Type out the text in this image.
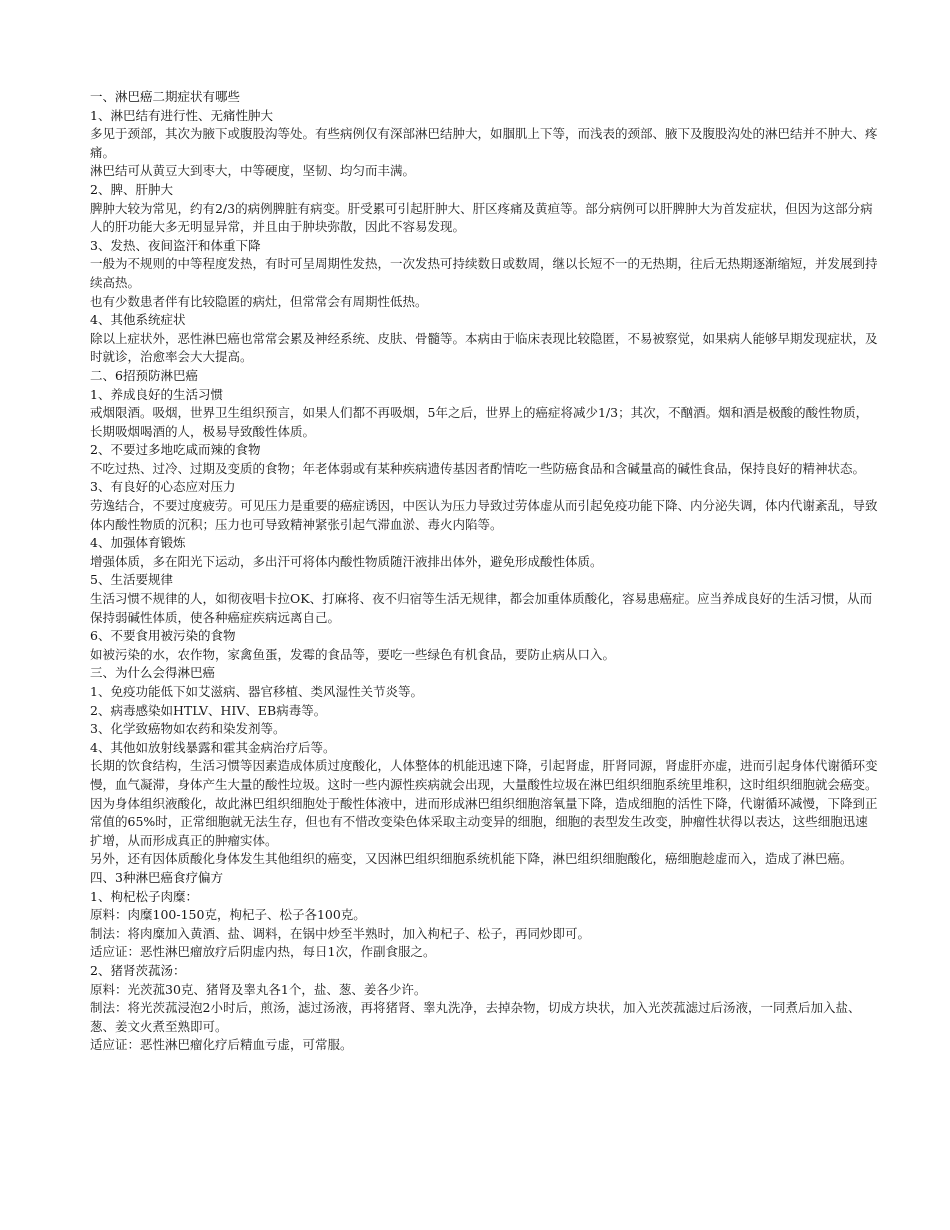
一、淋巴癌二期症状有哪些

1、淋巴结有进行性、无痛性肿大

多见于颈部，其次为腋下或腹股沟等处。有些病例仅有深部淋巴结肿大，如腘肌上下等，而浅表的颈部、腋下及腹股沟处的淋巴结并不肿大、疼痛。

淋巴结可从黄豆大到枣大，中等硬度，坚韧、均匀而丰满。

2、脾、肝肿大

脾肿大较为常见，约有2/3的病例脾脏有病变。肝受累可引起肝肿大、肝区疼痛及黄疸等。部分病例可以肝脾肿大为首发症状，但因为这部分病人的肝功能大多无明显异常，并且由于肿块弥散，因此不容易发现。

3、发热、夜间盗汗和体重下降

一般为不规则的中等程度发热，有时可呈周期性发热，一次发热可持续数日或数周，继以长短不一的无热期，往后无热期逐渐缩短，并发展到持续高热。

也有少数患者伴有比较隐匿的病灶，但常常会有周期性低热。

4、其他系统症状

除以上症状外，恶性淋巴癌也常常会累及神经系统、皮肤、骨髓等。本病由于临床表现比较隐匿，不易被察觉，如果病人能够早期发现症状，及时就诊，治愈率会大大提高。

二、6招预防淋巴癌

1、养成良好的生活习惯

戒烟限酒。吸烟，世界卫生组织预言，如果人们都不再吸烟，5年之后，世界上的癌症将减少1/3；其次，不酗酒。烟和酒是极酸的酸性物质，长期吸烟喝酒的人，极易导致酸性体质。

2、不要过多地吃咸而辣的食物

不吃过热、过冷、过期及变质的食物；年老体弱或有某种疾病遗传基因者酌情吃一些防癌食品和含碱量高的碱性食品，保持良好的精神状态。

3、有良好的心态应对压力

劳逸结合，不要过度疲劳。可见压力是重要的癌症诱因，中医认为压力导致过劳体虚从而引起免疫功能下降、内分泌失调，体内代谢紊乱，导致体内酸性物质的沉积；压力也可导致精神紧张引起气滞血淤、毒火内陷等。

4、加强体育锻炼

增强体质，多在阳光下运动，多出汗可将体内酸性物质随汗液排出体外，避免形成酸性体质。

5、生活要规律

生活习惯不规律的人，如彻夜唱卡拉OK、打麻将、夜不归宿等生活无规律，都会加重体质酸化，容易患癌症。应当养成良好的生活习惯，从而保持弱碱性体质，使各种癌症疾病远离自己。

6、不要食用被污染的食物

如被污染的水，农作物，家禽鱼蛋，发霉的食品等，要吃一些绿色有机食品，要防止病从口入。

三、为什么会得淋巴癌

1、免疫功能低下如艾滋病、器官移植、类风湿性关节炎等。

2、病毒感染如HTLV、HIV、EB病毒等。

3、化学致癌物如农药和染发剂等。

4、其他如放射线暴露和霍其金病治疗后等。

长期的饮食结构，生活习惯等因素造成体质过度酸化，人体整体的机能迅速下降，引起肾虚，肝肾同源，肾虚肝亦虚，进而引起身体代谢循环变慢，血气凝滞，身体产生大量的酸性垃圾。这时一些内源性疾病就会出现，大量酸性垃圾在淋巴组织细胞系统里堆积，这时组织细胞就会癌变。

因为身体组织液酸化，故此淋巴组织细胞处于酸性体液中，进而形成淋巴组织细胞溶氧量下降，造成细胞的活性下降，代谢循环减慢，下降到正常值的65%时，正常细胞就无法生存，但也有不惜改变染色体采取主动变异的细胞，细胞的表型发生改变，肿瘤性状得以表达，这些细胞迅速扩增，从而形成真正的肿瘤实体。

另外，还有因体质酸化身体发生其他组织的癌变，又因淋巴组织细胞系统机能下降，淋巴组织细胞酸化，癌细胞趁虚而入，造成了淋巴癌。

四、3种淋巴癌食疗偏方

1、枸杞松子肉糜：

原料：肉糜100-150克，枸杞子、松子各100克。

制法：将肉糜加入黄酒、盐、调料，在锅中炒至半熟时，加入枸杞子、松子，再同炒即可。

适应证：恶性淋巴瘤放疗后阴虚内热，每日1次，作副食服之。

2、猪肾茨菰汤：

原料：光茨菰30克、猪肾及睾丸各1个，盐、葱、姜各少许。

制法：将光茨菰浸泡2小时后，煎汤，滤过汤液，再将猪肾、睾丸洗净，去掉杂物，切成方块状，加入光茨菰滤过后汤液，一同煮后加入盐、葱、姜文火煮至熟即可。

适应证：恶性淋巴瘤化疗后精血亏虚，可常服。
